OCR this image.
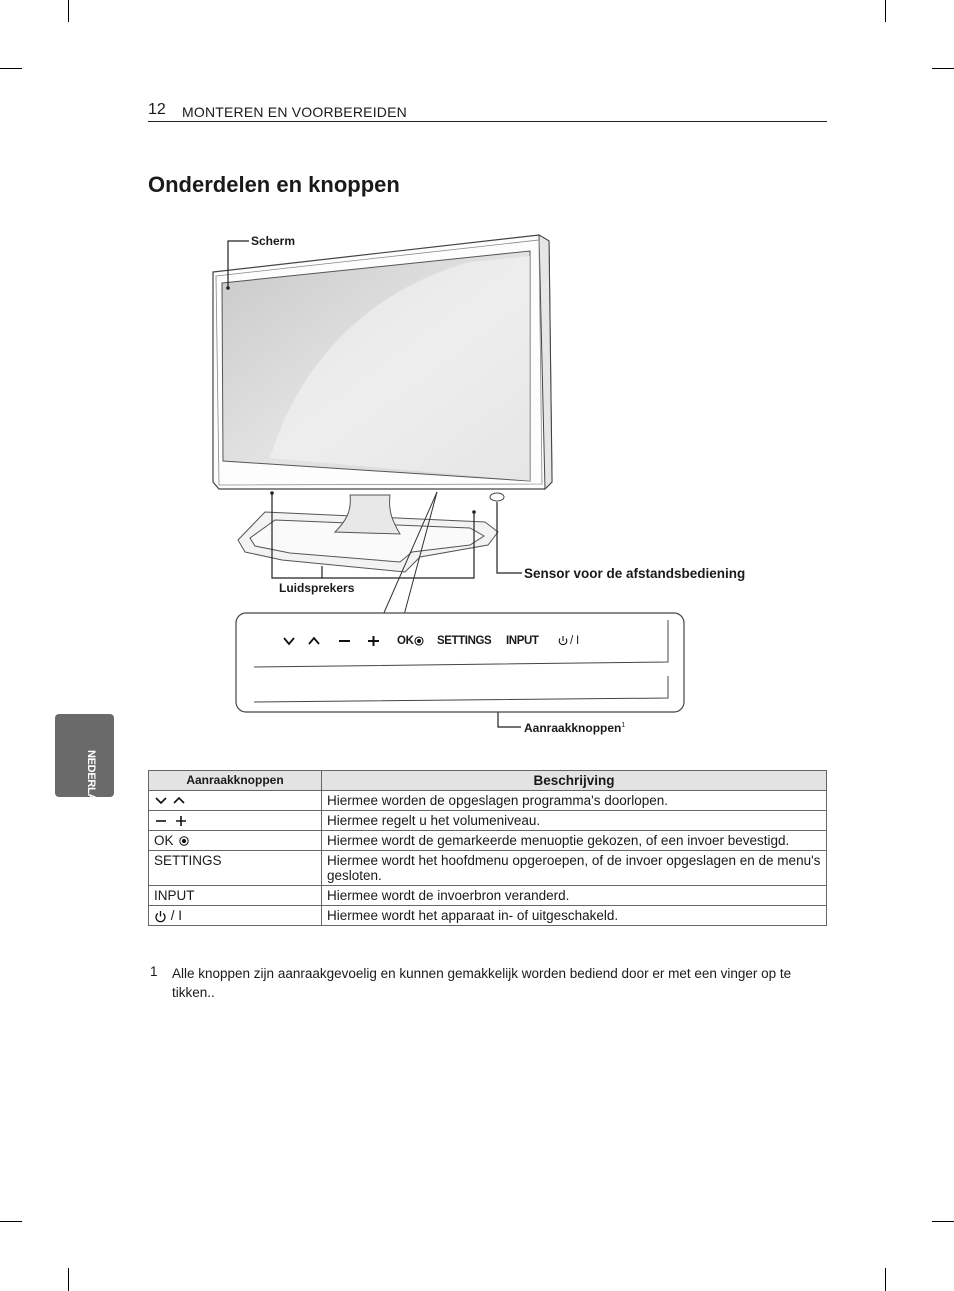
12 MONTEREN EN VOORBEREIDEN
Onderdelen en knoppen
NEDERLANDS
Scherm
Luidsprekers
Sensor voor de afstandsbediening
Aanraakknoppen$^1$
OK SETTINGS INPUT	/ I
Aanraakknoppen	Beschrijving
	Hiermee worden de opgeslagen programma's doorlopen.
	Hiermee regelt u het volumeniveau.
OK	Hiermee wordt de gemarkeerde menuoptie gekozen, of een invoer bevestigd.
SETTINGS	Hiermee wordt het hoofdmenu opgeroepen, of de invoer opgeslagen en de menu's gesloten.
INPUT	Hiermee wordt de invoerbron veranderd.
/ I	Hiermee wordt het apparaat in- of uitgeschakeld.
1 Alle knoppen zijn aanraakgevoelig en kunnen gemakkelijk worden bediend door er met een vinger op te tikken..
